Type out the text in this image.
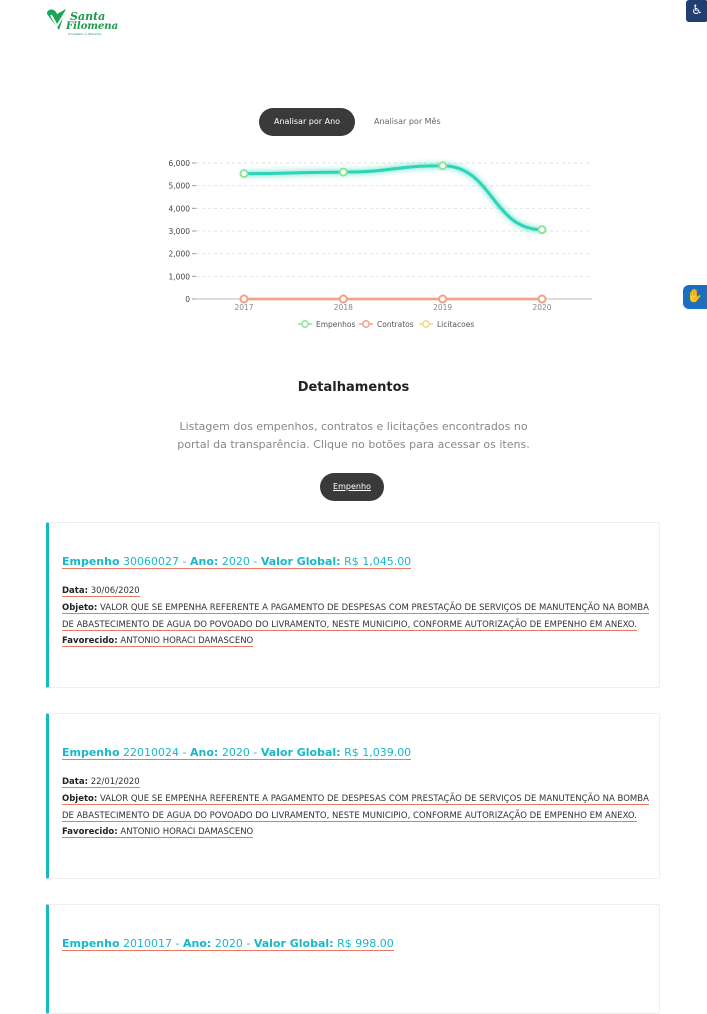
Santa
Filomena
O trabalho é diferente
♿
✋
Analisar por Ano	Analisar por Mês
6,000
5,000
4,000
3,000
2,000
1,000
0
2017	2018	2019	2020
Empenhos	Contratos	Licitacoes
Detalhamentos
Listagem dos empenhos, contratos e licitações encontrados no portal da transparência. Clique no botões para acessar os itens.
Empenho
Empenho 30060027 - Ano: 2020 - Valor Global: R$ 1,045.00
Data: 30/06/2020
Objeto: VALOR QUE SE EMPENHA REFERENTE A PAGAMENTO DE DESPESAS COM PRESTAÇÃO DE SERVIÇOS DE MANUTENÇÃO NA BOMBA DE ABASTECIMENTO DE AGUA DO POVOADO DO LIVRAMENTO, NESTE MUNICIPIO, CONFORME AUTORIZAÇÃO DE EMPENHO EM ANEXO.
Favorecido: ANTONIO HORACI DAMASCENO
Empenho 22010024 - Ano: 2020 - Valor Global: R$ 1,039.00
Data: 22/01/2020
Objeto: VALOR QUE SE EMPENHA REFERENTE A PAGAMENTO DE DESPESAS COM PRESTAÇÃO DE SERVIÇOS DE MANUTENÇÃO NA BOMBA DE ABASTECIMENTO DE AGUA DO POVOADO DO LIVRAMENTO, NESTE MUNICIPIO, CONFORME AUTORIZAÇÃO DE EMPENHO EM ANEXO.
Favorecido: ANTONIO HORACI DAMASCENO
Empenho 2010017 - Ano: 2020 - Valor Global: R$ 998.00
